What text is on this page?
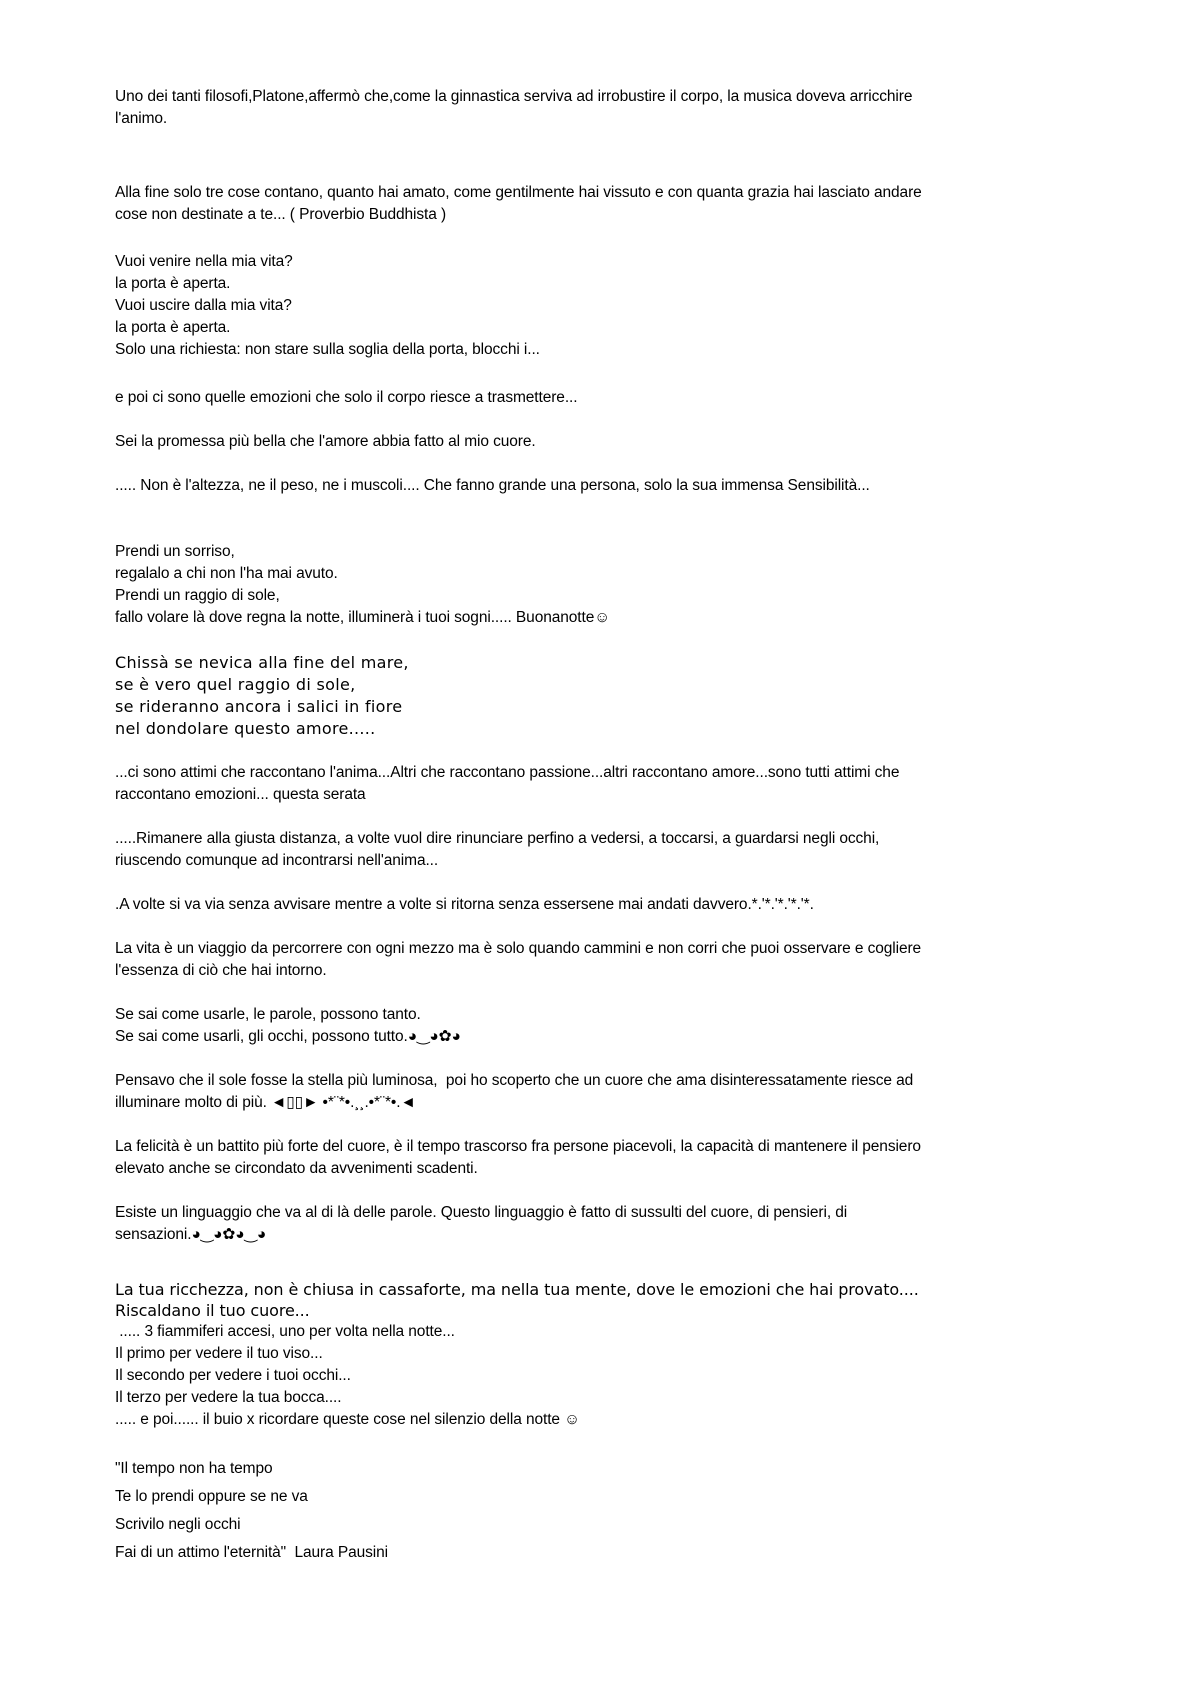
Uno dei tanti filosofi,Platone,affermò che,come la ginnastica serviva ad irrobustire il corpo, la musica doveva arricchire
l'animo.
Alla fine solo tre cose contano, quanto hai amato, come gentilmente hai vissuto e con quanta grazia hai lasciato andare
cose non destinate a te... ( Proverbio Buddhista )
Vuoi venire nella mia vita?
la porta è aperta.
Vuoi uscire dalla mia vita?
la porta è aperta.
Solo una richiesta: non stare sulla soglia della porta, blocchi i...
e poi ci sono quelle emozioni che solo il corpo riesce a trasmettere...
Sei la promessa più bella che l'amore abbia fatto al mio cuore.
..... Non è l'altezza, ne il peso, ne i muscoli.... Che fanno grande una persona, solo la sua immensa Sensibilità...
Prendi un sorriso,
regalalo a chi non l'ha mai avuto.
Prendi un raggio di sole,
fallo volare là dove regna la notte, illuminerà i tuoi sogni..... Buonanotte☺
Chissà se nevica alla fine del mare,
se è vero quel raggio di sole,
se rideranno ancora i salici in fiore
nel dondolare questo amore.....
...ci sono attimi che raccontano l'anima...Altri che raccontano passione...altri raccontano amore...sono tutti attimi che
raccontano emozioni... questa serata
.....Rimanere alla giusta distanza, a volte vuol dire rinunciare perfino a vedersi, a toccarsi, a guardarsi negli occhi,
riuscendo comunque ad incontrarsi nell'anima...
.A volte si va via senza avvisare mentre a volte si ritorna senza essersene mai andati davvero.*.'*.'*.'*.'*.
La vita è un viaggio da percorrere con ogni mezzo ma è solo quando cammini e non corri che puoi osservare e cogliere
l'essenza di ciò che hai intorno.
Se sai come usarle, le parole, possono tanto.
Se sai come usarli, gli occhi, possono tutto.◕‿◕✿◕
Pensavo che il sole fosse la stella più luminosa,  poi ho scoperto che un cuore che ama disinteressatamente riesce ad
illuminare molto di più. ◄▯▯► •*¨*•.¸¸.•*¨*•.◄
La felicità è un battito più forte del cuore, è il tempo trascorso fra persone piacevoli, la capacità di mantenere il pensiero
elevato anche se circondato da avvenimenti scadenti.
Esiste un linguaggio che va al di là delle parole. Questo linguaggio è fatto di sussulti del cuore, di pensieri, di
sensazioni.◕‿◕✿◕‿◕
La tua ricchezza, non è chiusa in cassaforte, ma nella tua mente, dove le emozioni che hai provato....
Riscaldano il tuo cuore...
..... 3 fiammiferi accesi, uno per volta nella notte...
Il primo per vedere il tuo viso...
Il secondo per vedere i tuoi occhi...
Il terzo per vedere la tua bocca....
..... e poi...... il buio x ricordare queste cose nel silenzio della notte ☺
"Il tempo non ha tempo
Te lo prendi oppure se ne va
Scrivilo negli occhi
Fai di un attimo l'eternità"  Laura Pausini
